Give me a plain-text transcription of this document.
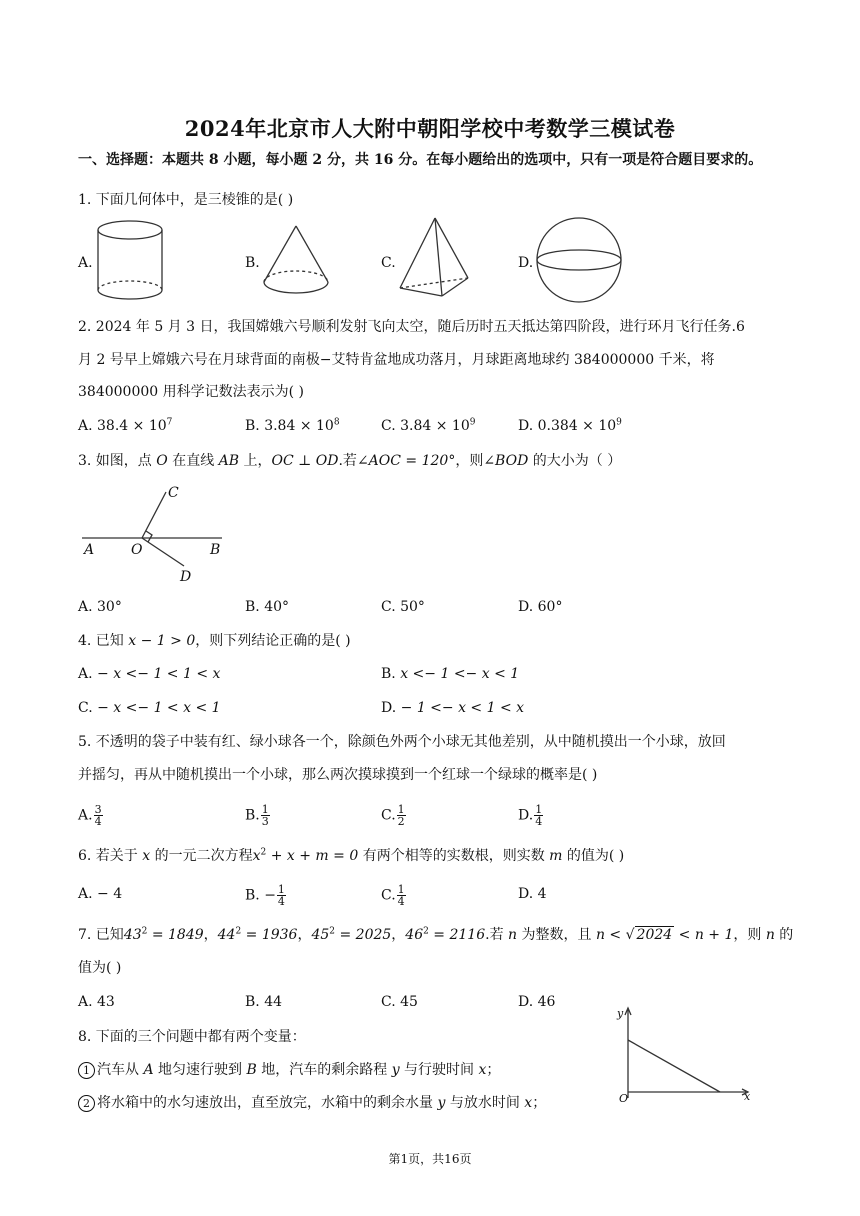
2024年北京市人大附中朝阳学校中考数学三模试卷
一、选择题：本题共 8 小题，每小题 2 分，共 16 分。在每小题给出的选项中，只有一项是符合题目要求的。
1. 下面几何体中，是三棱锥的是( )
A.	B.	C.	D.
2. 2024 年 5 月 3 日，我国嫦娥六号顺利发射飞向太空，随后历时五天抵达第四阶段，进行环月飞行任务.6
月 2 号早上嫦娥六号在月球背面的南极−艾特肯盆地成功落月，月球距离地球约 384000000 千米，将
384000000 用科学记数法表示为( )
A. $38.4 \times 10^7$	B. $3.84 \times 10^8$	C. $3.84 \times 10^9$	D. $0.384 \times 10^9$
3. 如图，点 O 在直线 AB 上，OC ⊥ OD.若∠AOC = 120°，则∠BOD 的大小为（ ）
A	O	B
C
D
A. 30°	B. 40°	C. 50°	D. 60°
4. 已知 x − 1 > 0，则下列结论正确的是( )
A. − x <− 1 < 1 < x	B. x <− 1 <− x < 1
C. − x <− 1 < x < 1	D. − 1 <− x < 1 < x
5. 不透明的袋子中装有红、绿小球各一个，除颜色外两个小球无其他差别，从中随机摸出一个小球，放回
并摇匀，再从中随机摸出一个小球，那么两次摸球摸到一个红球一个绿球的概率是( )
A. $\frac{3}{4}$	B. $\frac{1}{3}$	C. $\frac{1}{2}$	D. $\frac{1}{4}$
6. 若关于 x 的一元二次方程$x^2 + x + m = 0$ 有两个相等的实数根，则实数 m 的值为( )
A. − 4	B. − $\frac{1}{4}$	C. $\frac{1}{4}$	D. 4
7. 已知$43^2 = 1849$，$44^2 = 1936$，$45^2 = 2025$，$46^2 = 2116$.若 n 为整数，且 n < √ 2024 < n + 1，则 n 的
值为( )
A. 43	B. 44	C. 45	D. 46
8. 下面的三个问题中都有两个变量：
1 汽车从 A 地匀速行驶到 B 地，汽车的剩余路程 y 与行驶时间 x；
2 将水箱中的水匀速放出，直至放完，水箱中的剩余水量 y 与放水时间 x；
y
x
O
第1页，共16页
